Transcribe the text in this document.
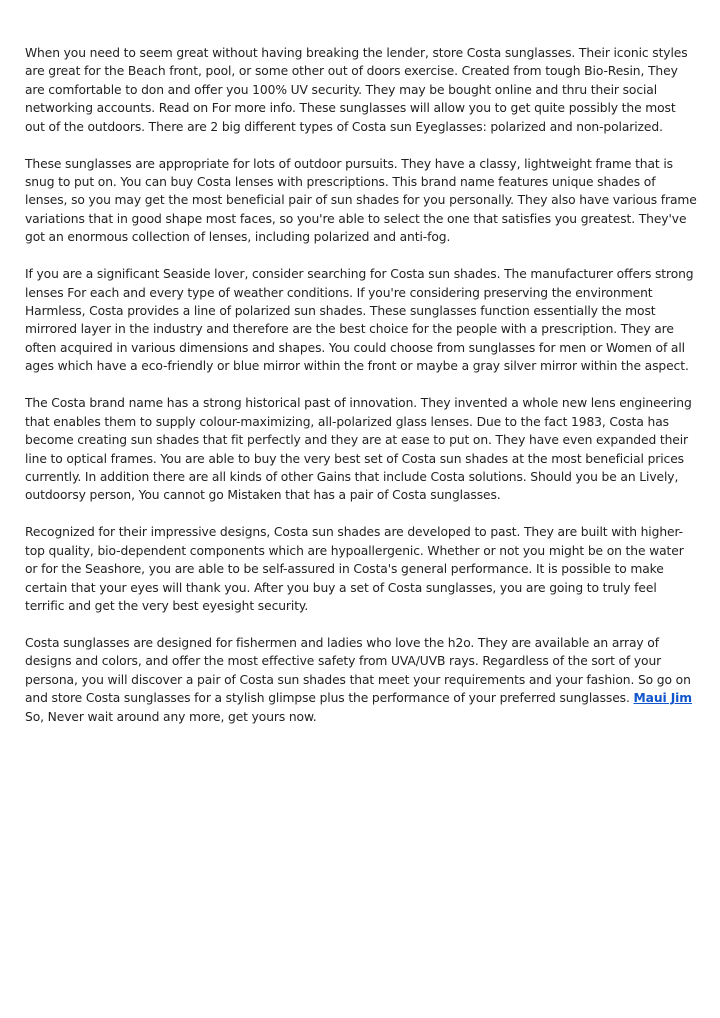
When you need to seem great without having breaking the lender, store Costa sunglasses. Their iconic styles are great for the Beach front, pool, or some other out of doors exercise. Created from tough Bio-Resin, They are comfortable to don and offer you 100% UV security. They may be bought online and thru their social networking accounts. Read on For more info. These sunglasses will allow you to get quite possibly the most out of the outdoors. There are 2 big different types of Costa sun Eyeglasses: polarized and non-polarized.

These sunglasses are appropriate for lots of outdoor pursuits. They have a classy, lightweight frame that is snug to put on. You can buy Costa lenses with prescriptions. This brand name features unique shades of lenses, so you may get the most beneficial pair of sun shades for you personally. They also have various frame variations that in good shape most faces, so you're able to select the one that satisfies you greatest. They've got an enormous collection of lenses, including polarized and anti-fog.

If you are a significant Seaside lover, consider searching for Costa sun shades. The manufacturer offers strong lenses For each and every type of weather conditions. If you're considering preserving the environment Harmless, Costa provides a line of polarized sun shades. These sunglasses function essentially the most mirrored layer in the industry and therefore are the best choice for the people with a prescription. They are often acquired in various dimensions and shapes. You could choose from sunglasses for men or Women of all ages which have a eco-friendly or blue mirror within the front or maybe a gray silver mirror within the aspect.

The Costa brand name has a strong historical past of innovation. They invented a whole new lens engineering that enables them to supply colour-maximizing, all-polarized glass lenses. Due to the fact 1983, Costa has become creating sun shades that fit perfectly and they are at ease to put on. They have even expanded their line to optical frames. You are able to buy the very best set of Costa sun shades at the most beneficial prices currently. In addition there are all kinds of other Gains that include Costa solutions. Should you be an Lively, outdoorsy person, You cannot go Mistaken that has a pair of Costa sunglasses.

Recognized for their impressive designs, Costa sun shades are developed to past. They are built with higher-top quality, bio-dependent components which are hypoallergenic. Whether or not you might be on the water or for the Seashore, you are able to be self-assured in Costa's general performance. It is possible to make certain that your eyes will thank you. After you buy a set of Costa sunglasses, you are going to truly feel terrific and get the very best eyesight security.

Costa sunglasses are designed for fishermen and ladies who love the h2o. They are available an array of designs and colors, and offer the most effective safety from UVA/UVB rays. Regardless of the sort of your persona, you will discover a pair of Costa sun shades that meet your requirements and your fashion. So go on and store Costa sunglasses for a stylish glimpse plus the performance of your preferred sunglasses. Maui Jim So, Never wait around any more, get yours now.
